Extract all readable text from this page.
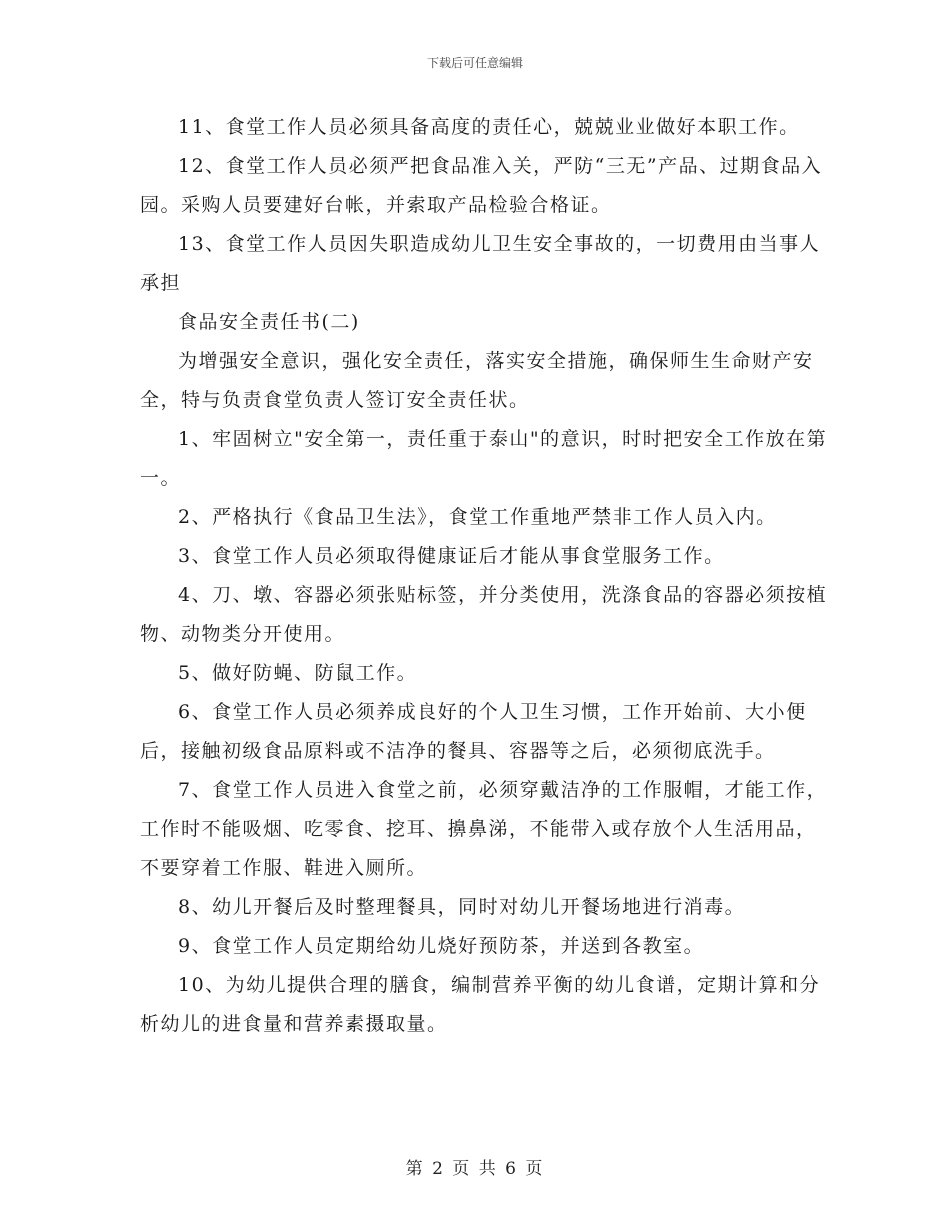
下载后可任意编辑

11、食堂工作人员必须具备高度的责任心，兢兢业业做好本职工作。

12、食堂工作人员必须严把食品准入关，严防“三无”产品、过期食品入园。采购人员要建好台帐，并索取产品检验合格证。

13、食堂工作人员因失职造成幼儿卫生安全事故的，一切费用由当事人承担

食品安全责任书(二)

为增强安全意识，强化安全责任，落实安全措施，确保师生生命财产安全，特与负责食堂负责人签订安全责任状。

1、牢固树立"安全第一，责任重于泰山"的意识，时时把安全工作放在第一。

2、严格执行《食品卫生法》，食堂工作重地严禁非工作人员入内。

3、食堂工作人员必须取得健康证后才能从事食堂服务工作。

4、刀、墩、容器必须张贴标签，并分类使用，洗涤食品的容器必须按植物、动物类分开使用。

5、做好防蝇、防鼠工作。

6、食堂工作人员必须养成良好的个人卫生习惯，工作开始前、大小便后，接触初级食品原料或不洁净的餐具、容器等之后，必须彻底洗手。

7、食堂工作人员进入食堂之前，必须穿戴洁净的工作服帽，才能工作，工作时不能吸烟、吃零食、挖耳、擤鼻涕，不能带入或存放个人生活用品，不要穿着工作服、鞋进入厕所。

8、幼儿开餐后及时整理餐具，同时对幼儿开餐场地进行消毒。

9、食堂工作人员定期给幼儿烧好预防茶，并送到各教室。

10、为幼儿提供合理的膳食，编制营养平衡的幼儿食谱，定期计算和分析幼儿的进食量和营养素摄取量。

第 2 页 共 6 页
